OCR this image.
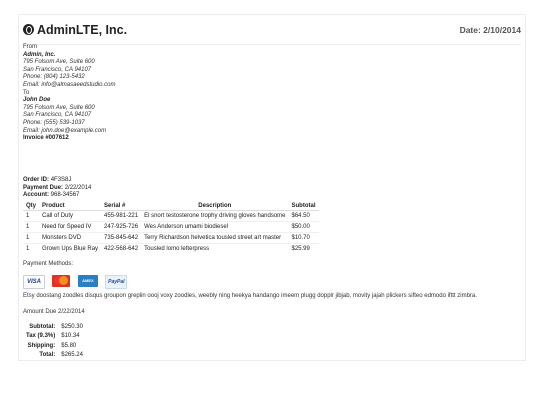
AdminLTE, Inc.	Date: 2/10/2014
From
Admin, Inc.
795 Folsom Ave, Suite 600
San Francisco, CA 94107
Phone: (804) 123-5432
Email: info@almasaeedstudio.com
To
John Doe
795 Folsom Ave, Suite 600
San Francisco, CA 94107
Phone: (555) 539-1037
Email: john.doe@example.com
Invoice #007612
Order ID: 4F3S8J
Payment Due: 2/22/2014
Account: 968-34567
Qty	Product	Serial #	Description	Subtotal
1	Call of Duty	455-981-221	El snort testosterone trophy driving gloves handsome	$64.50
1	Need for Speed IV	247-925-726	Wes Anderson umami biodiesel	$50.00
1	Monsters DVD	735-845-642	Terry Richardson helvetica tousled street art master	$10.70
1	Grown Ups Blue Ray	422-568-642	Tousled lomo letterpress	$25.99
Payment Methods:
VISA	AMEX	PayPal
Etsy doostang zoodles disqus groupon greplin oooj voxy zoodles, weebly ning heekya handango imeem plugg dopplr jibjab, movity jajah plickers sifteo edmodo ifttt zimbra.
Amount Due 2/22/2014
Subtotal:	$250.30
Tax (9.3%)	$10.34
Shipping:	$5.80
Total:	$265.24
